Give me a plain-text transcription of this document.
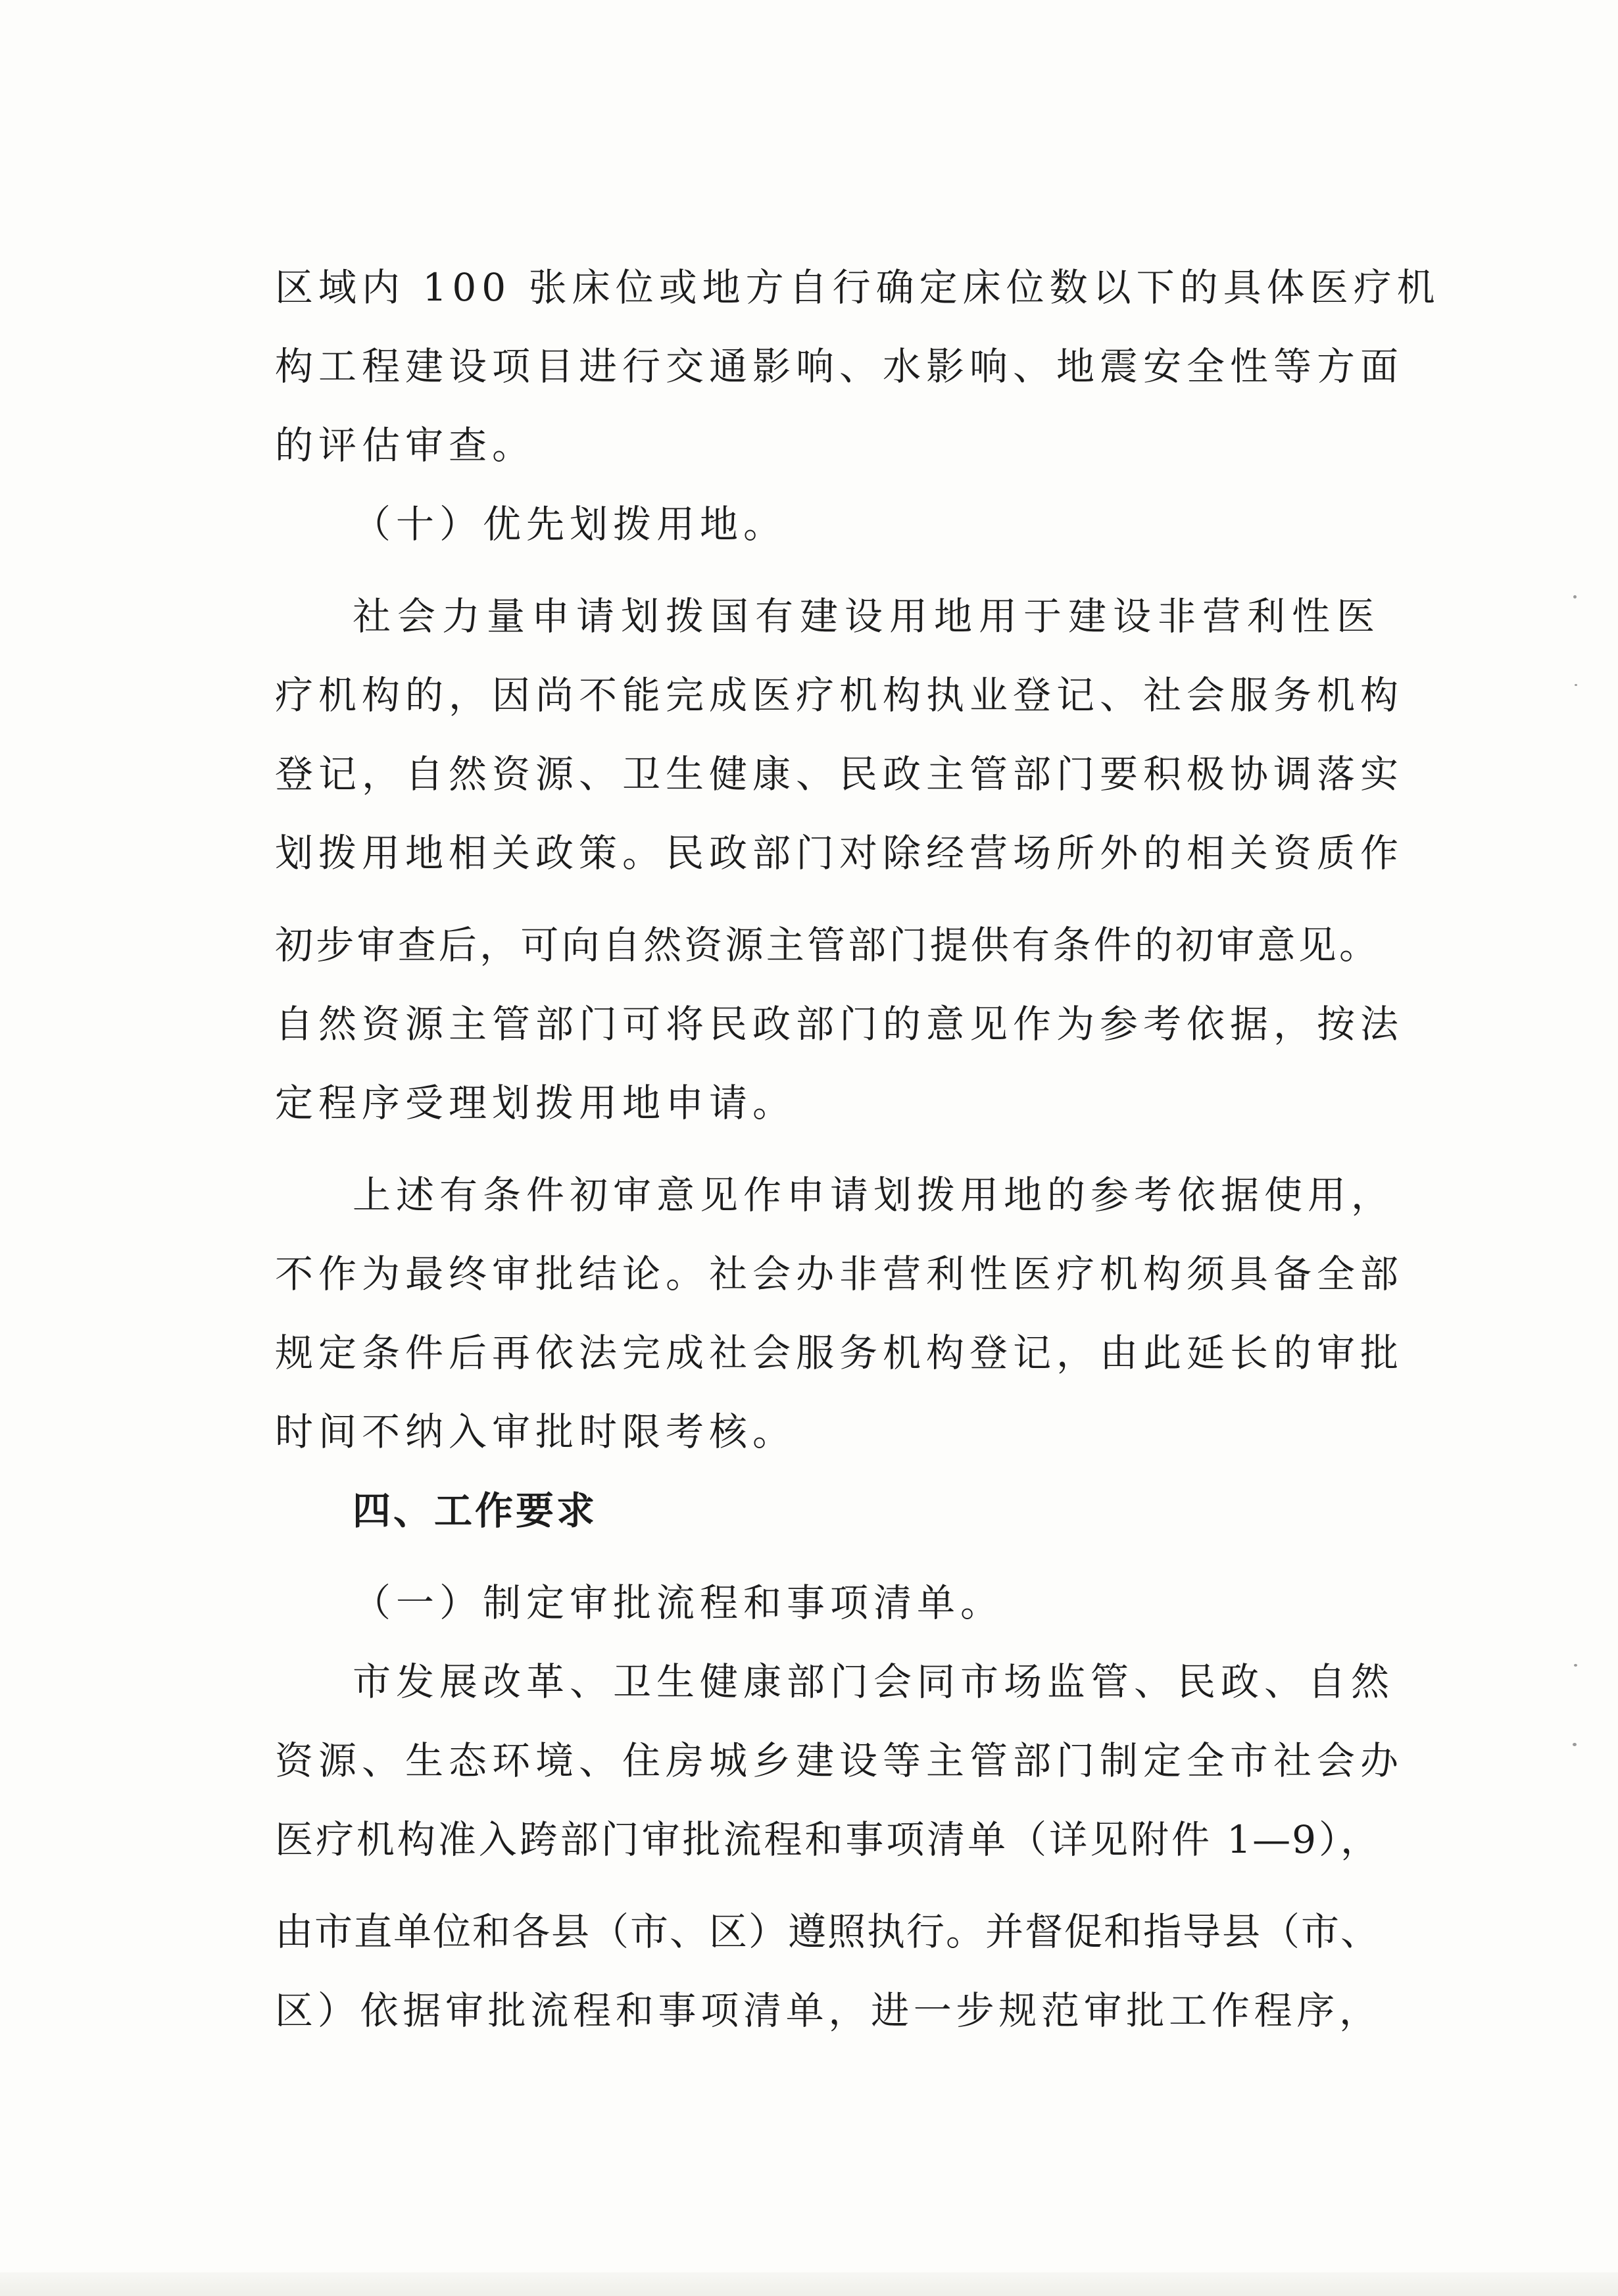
区域内 100 张床位或地方自行确定床位数以下的具体医疗机
构工程建设项目进行交通影响、水影响、地震安全性等方面
的评估审查。
（十）优先划拨用地。
社会力量申请划拨国有建设用地用于建设非营利性医
疗机构的，因尚不能完成医疗机构执业登记、社会服务机构
登记，自然资源、卫生健康、民政主管部门要积极协调落实
划拨用地相关政策。民政部门对除经营场所外的相关资质作
初步审查后，可向自然资源主管部门提供有条件的初审意见。
自然资源主管部门可将民政部门的意见作为参考依据，按法
定程序受理划拨用地申请。
上述有条件初审意见作申请划拨用地的参考依据使用，
不作为最终审批结论。社会办非营利性医疗机构须具备全部
规定条件后再依法完成社会服务机构登记，由此延长的审批
时间不纳入审批时限考核。
四、工作要求
（一）制定审批流程和事项清单。
市发展改革、卫生健康部门会同市场监管、民政、自然
资源、生态环境、住房城乡建设等主管部门制定全市社会办
医疗机构准入跨部门审批流程和事项清单（详见附件 1—9），
由市直单位和各县（市、区）遵照执行。并督促和指导县（市、
区）依据审批流程和事项清单，进一步规范审批工作程序，
